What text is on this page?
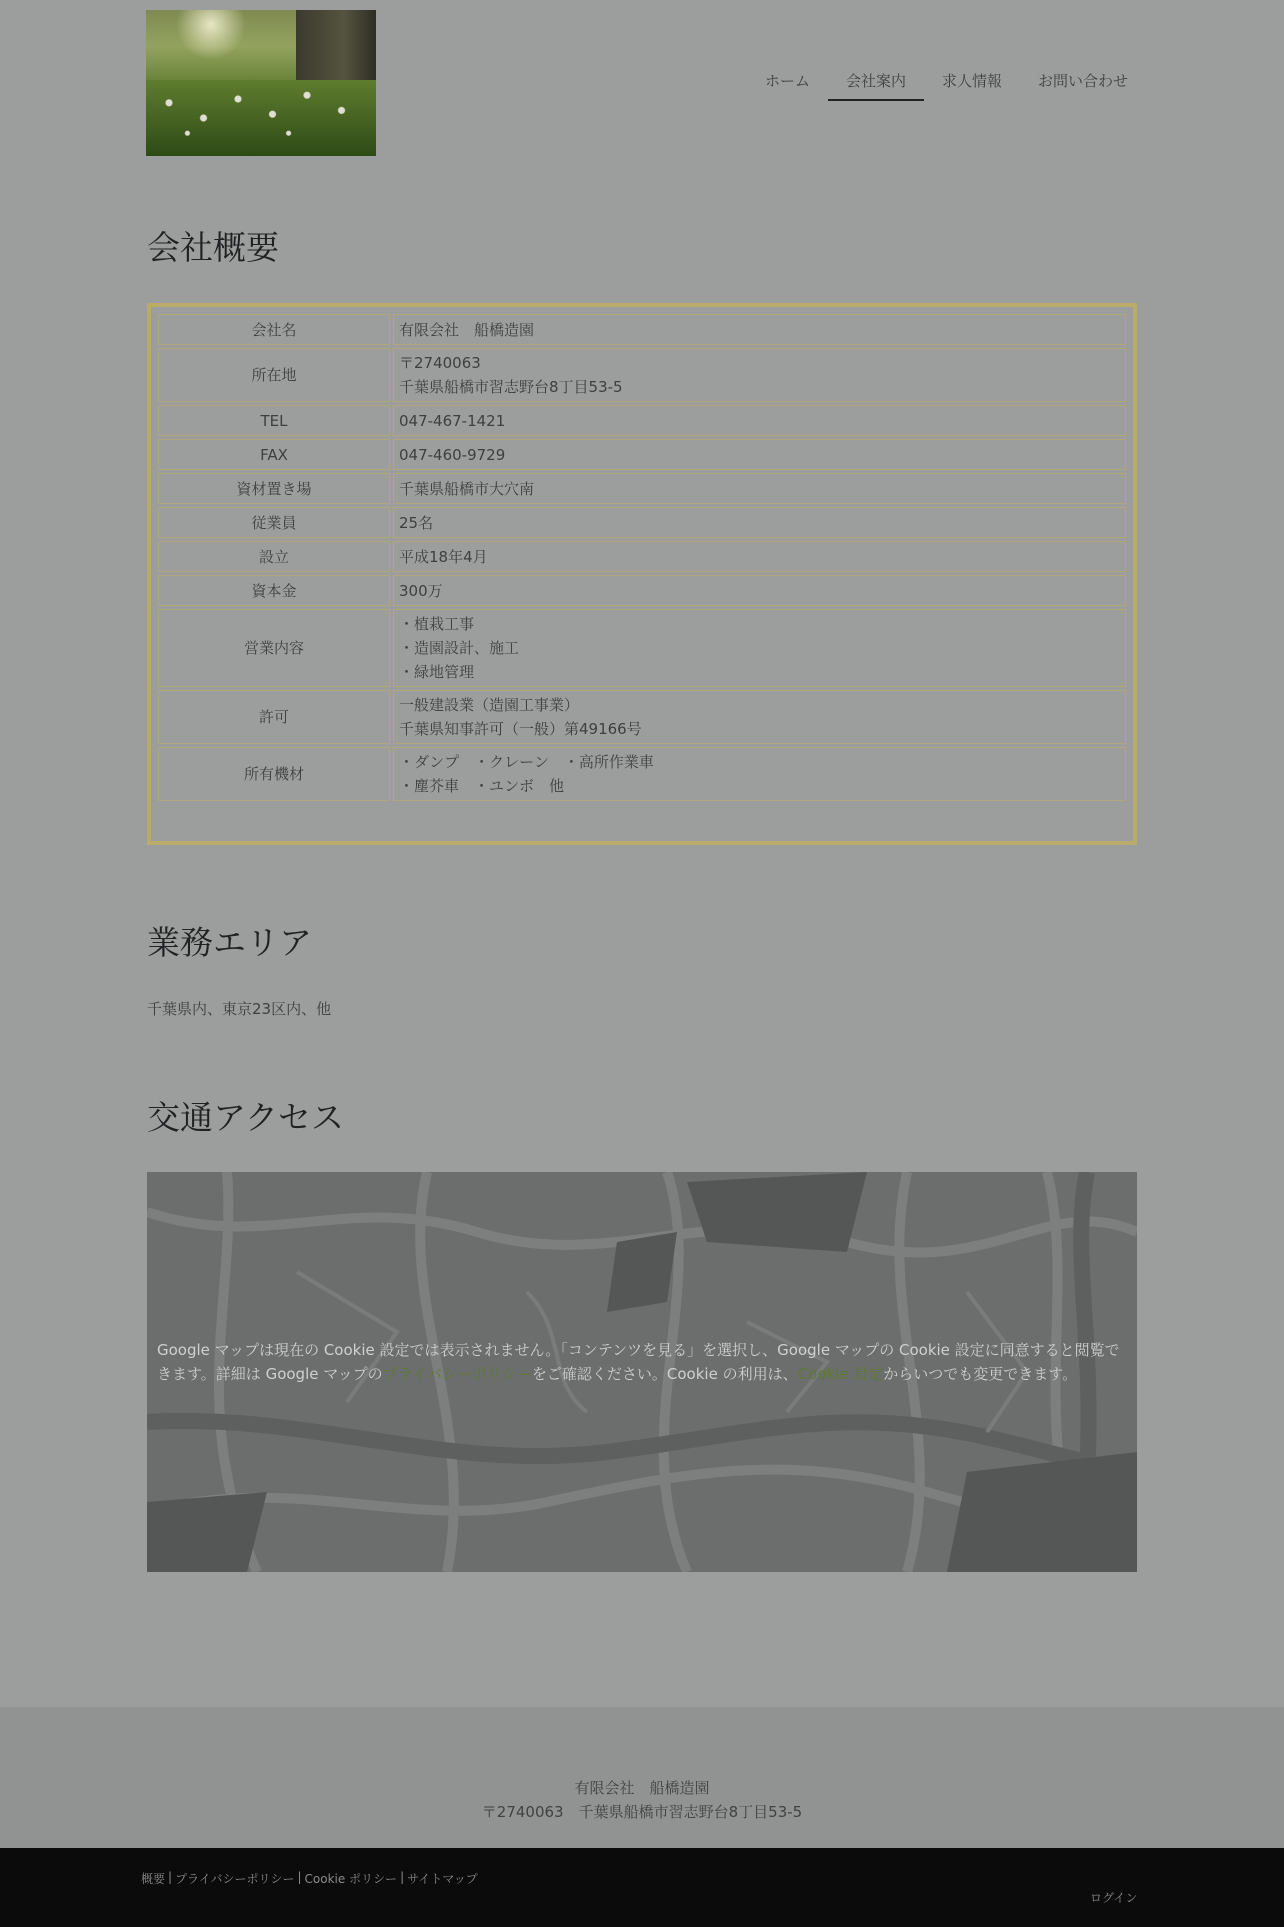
ホーム	会社案内	求人情報	お問い合わせ
会社概要
会社名	有限会社　船橋造園

所在地	〒2740063
千葉県船橋市習志野台8丁目53-5

TEL	047-467-1421

FAX	047-460-9729

資材置き場	千葉県船橋市大穴南

従業員	25名

設立	平成18年4月

資本金	300万

営業内容	・植栽工事
・造園設計、施工
・緑地管理

許可	一般建設業（造園工事業）
千葉県知事許可（一般）第49166号

所有機材	・ダンプ　・クレーン　・高所作業車
・塵芥車　・ユンボ　他
業務エリア

千葉県内、東京23区内、他

交通アクセス

Google マップは現在の Cookie 設定では表示されません。「コンテンツを見る」を選択し、Google マップの Cookie 設定に同意すると閲覧できます。詳細は Google マップのプライバシーポリシーをご確認ください。Cookie の利用は、Cookie 設定からいつでも変更できます。

有限会社　船橋造園
〒2740063　千葉県船橋市習志野台8丁目53-5
概要 | プライバシーポリシー | Cookie ポリシー | サイトマップ
ログイン
